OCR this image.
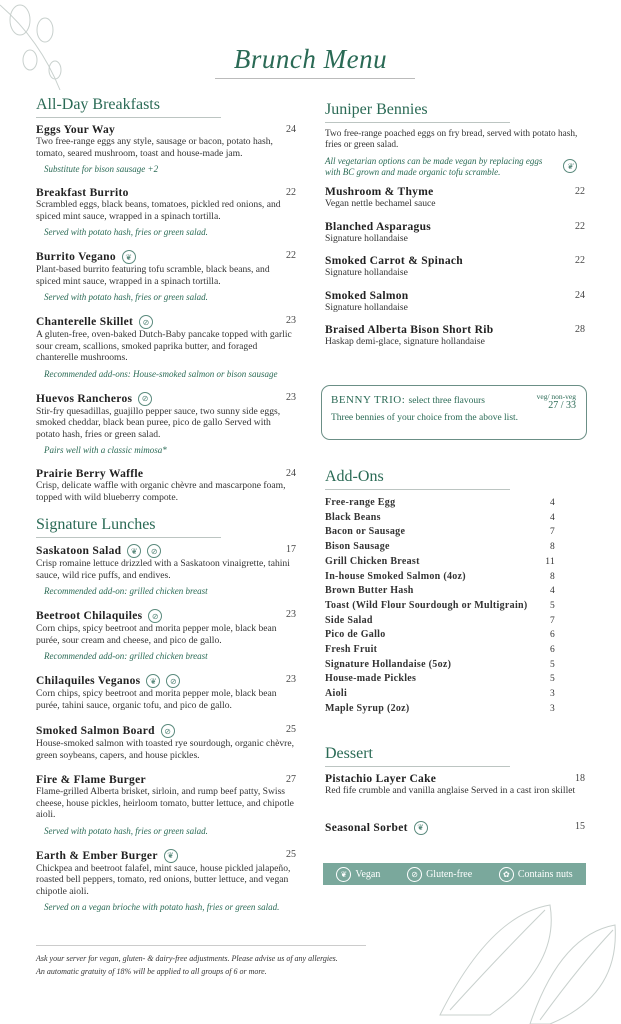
Brunch Menu
All-Day Breakfasts
Eggs Your Way	24
Two free-range eggs any style, sausage or bacon, potato hash, tomato, seared mushroom, toast and house-made jam.
Substitute for bison sausage +2
Breakfast Burrito	22
Scrambled eggs, black beans, tomatoes, pickled red onions, and spiced mint sauce, wrapped in a spinach tortilla.
Served with potato hash, fries or green salad.
Burrito Vegano	❦	22
Plant-based burrito featuring tofu scramble, black beans, and spiced mint sauce, wrapped in a spinach tortilla.
Served with potato hash, fries or green salad.
Chanterelle Skillet	⊘	23
A gluten-free, oven-baked Dutch-Baby pancake topped with garlic sour cream, scallions, smoked paprika butter, and foraged chanterelle mushrooms.
Recommended add-ons: House-smoked salmon or bison sausage
Huevos Rancheros	⊘	23
Stir-fry quesadillas, guajillo pepper sauce, two sunny side eggs, smoked cheddar, black bean puree, pico de gallo Served with potato hash, fries or green salad.
Pairs well with a classic mimosa*
Prairie Berry Waffle	24
Crisp, delicate waffle with organic chèvre and mascarpone foam, topped with wild blueberry compote.
Signature Lunches
Saskatoon Salad	❦	⊘	17
Crisp romaine lettuce drizzled with a Saskatoon vinaigrette, tahini sauce, wild rice puffs, and endives.
Recommended add-on: grilled chicken breast
Beetroot Chilaquiles	⊘	23
Corn chips, spicy beetroot and morita pepper mole, black bean purée, sour cream and cheese, and pico de gallo.
Recommended add-on: grilled chicken breast
Chilaquiles Veganos	❦	⊘	23
Corn chips, spicy beetroot and morita pepper mole, black bean purée, tahini sauce, organic tofu, and pico de gallo.
Smoked Salmon Board	⊘	25
House-smoked salmon with toasted rye sourdough, organic chèvre, green soybeans, capers, and house pickles.
Fire & Flame Burger	27
Flame-grilled Alberta brisket, sirloin, and rump beef patty, Swiss cheese, house pickles, heirloom tomato, butter lettuce, and chipotle aioli.
Served with potato hash, fries or green salad.
Earth & Ember Burger	❦	25
Chickpea and beetroot falafel, mint sauce, house pickled jalapeño, roasted bell peppers, tomato, red onions, butter lettuce, and vegan chipotle aioli.
Served on a vegan brioche with potato hash, fries or green salad.
Juniper Bennies
Two free-range poached eggs on fry bread, served with potato hash, fries or green salad.
All vegetarian options can be made vegan by replacing eggs with BC grown and made organic tofu scramble.
❦
Mushroom & Thyme	22
Vegan nettle bechamel sauce
Blanched Asparagus	22
Signature hollandaise
Smoked Carrot & Spinach	22
Signature hollandaise
Smoked Salmon	24
Signature hollandaise
Braised Alberta Bison Short Rib	28
Haskap demi-glace, signature hollandaise
BENNY TRIO: select three flavours	veg/ non-veg
27 / 33
Three bennies of your choice from the above list.
Add-Ons
Free-range Egg	4
Black Beans	4
Bacon or Sausage	7
Bison Sausage	8
Grill Chicken Breast	11
In-house Smoked Salmon (4oz)	8
Brown Butter Hash	4
Toast (Wild Flour Sourdough or Multigrain) 5
Side Salad	7
Pico de Gallo	6
Fresh Fruit	6
Signature Hollandaise (5oz)	5
House-made Pickles	5
Aioli	3
Maple Syrup (2oz)	3
Dessert
Pistachio Layer Cake	18
Red fife crumble and vanilla anglaise Served in a cast iron skillet
Seasonal Sorbet	❦	15
❦ Vegan	⊘ Gluten-free	✿ Contains nuts
Ask your server for vegan, gluten- & dairy-free adjustments. Please advise us of any allergies.
An automatic gratuity of 18% will be applied to all groups of 6 or more.
